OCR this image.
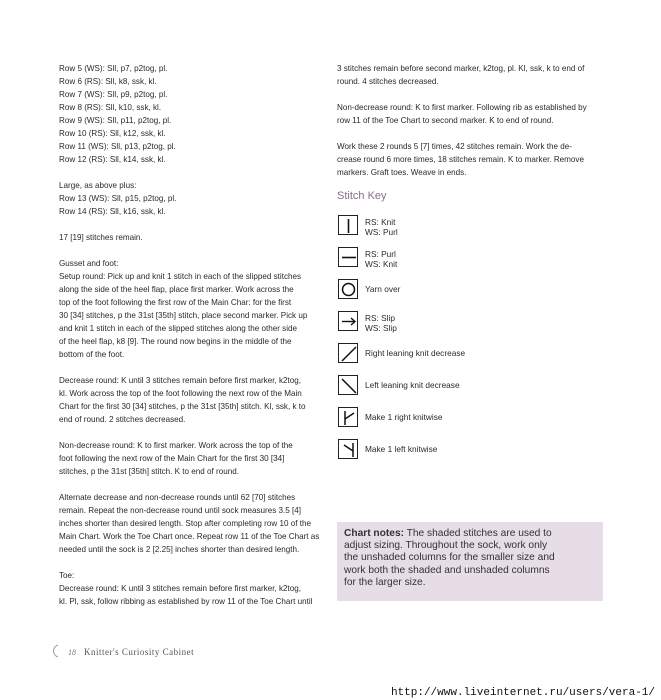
Row 5 (WS): Sll, p7, p2tog, pl.

Row 6 (RS): Sll, k8, ssk, kl.

Row 7 (WS): Sll, p9, p2tog, pl.

Row 8 (RS): Sll, k10, ssk, kl.

Row 9 (WS): Sll, p11, p2tog, pl.

Row 10 (RS): Sll, k12, ssk, kl.

Row 11 (WS): Sll, p13, p2tog, pl.

Row 12 (RS): Sll, k14, ssk, kl.

Large, as above plus:

Row 13 (WS): Sll, p15, p2tog, pl.

Row 14 (RS): Sll, k16, ssk, kl.

17 [19] stitches remain.

Gusset and foot:

Setup round: Pick up and knit 1 stitch in each of the slipped stitches

along the side of the heel flap, place first marker. Work across the

top of the foot following the first row of the Main Char: for the first

30 [34] stitches, p the 31st [35th] stitch, place second marker. Pick up

and knit 1 stitch in each of the slipped stitches along the other side

of the heel flap, k8 [9]. The round now begins in the middle of the

bottom of the foot.

Decrease round: K until 3 stitches remain before first marker, k2tog,

kl. Work across the top of the foot following the next row of the Main

Chart for the first 30 [34] stitches, p the 31st [35th] stitch. Kl, ssk, k to

end of round. 2 stitches decreased.

Non-decrease round: K to first marker. Work across the top of the

foot following the next row of the Main Chart for the first 30 [34]

stitches, p the 31st [35th] stitch. K to end of round.

Alternate decrease and non-decrease rounds until 62 [70] stitches

remain. Repeat the non-decrease round until sock measures 3.5 [4]

inches shorter than desired length. Stop after completing row 10 of the

Main Chart. Work the Toe Chart once. Repeat row 11 of the Toe Chart as

needed until the sock is 2 [2.25] inches shorter than desired length.

Toe:

Decrease round: K until 3 stitches remain before first marker, k2tog,

kl. Pl, ssk, follow ribbing as established by row 11 of the Toe Chart until

3 stitches remain before second marker, k2tog, pl. Kl, ssk, k to end of

round. 4 stitches decreased.

Non-decrease round: K to first marker. Following rib as established by

row 11 of the Toe Chart to second marker. K to end of round.

Work these 2 rounds 5 [7] times, 42 stitches remain. Work the de-

crease round 6 more times, 18 stitches remain. K to marker. Remove

markers. Graft toes. Weave in ends.

Stitch Key
RS: Knit
WS: Purl
RS: Purl
WS: Knit
Yarn over
RS: Slip
WS: Slip
Right leaning knit decrease
Left leaning knit decrease
Make 1 right knitwise
Make 1 left knitwise
Chart notes: The shaded stitches are used to
adjust sizing. Throughout the sock, work only
the unshaded columns for the smaller size and
work both the shaded and unshaded columns
for the larger size.
18 Knitter's Curiosity Cabinet
http://www.liveinternet.ru/users/vera-1/
